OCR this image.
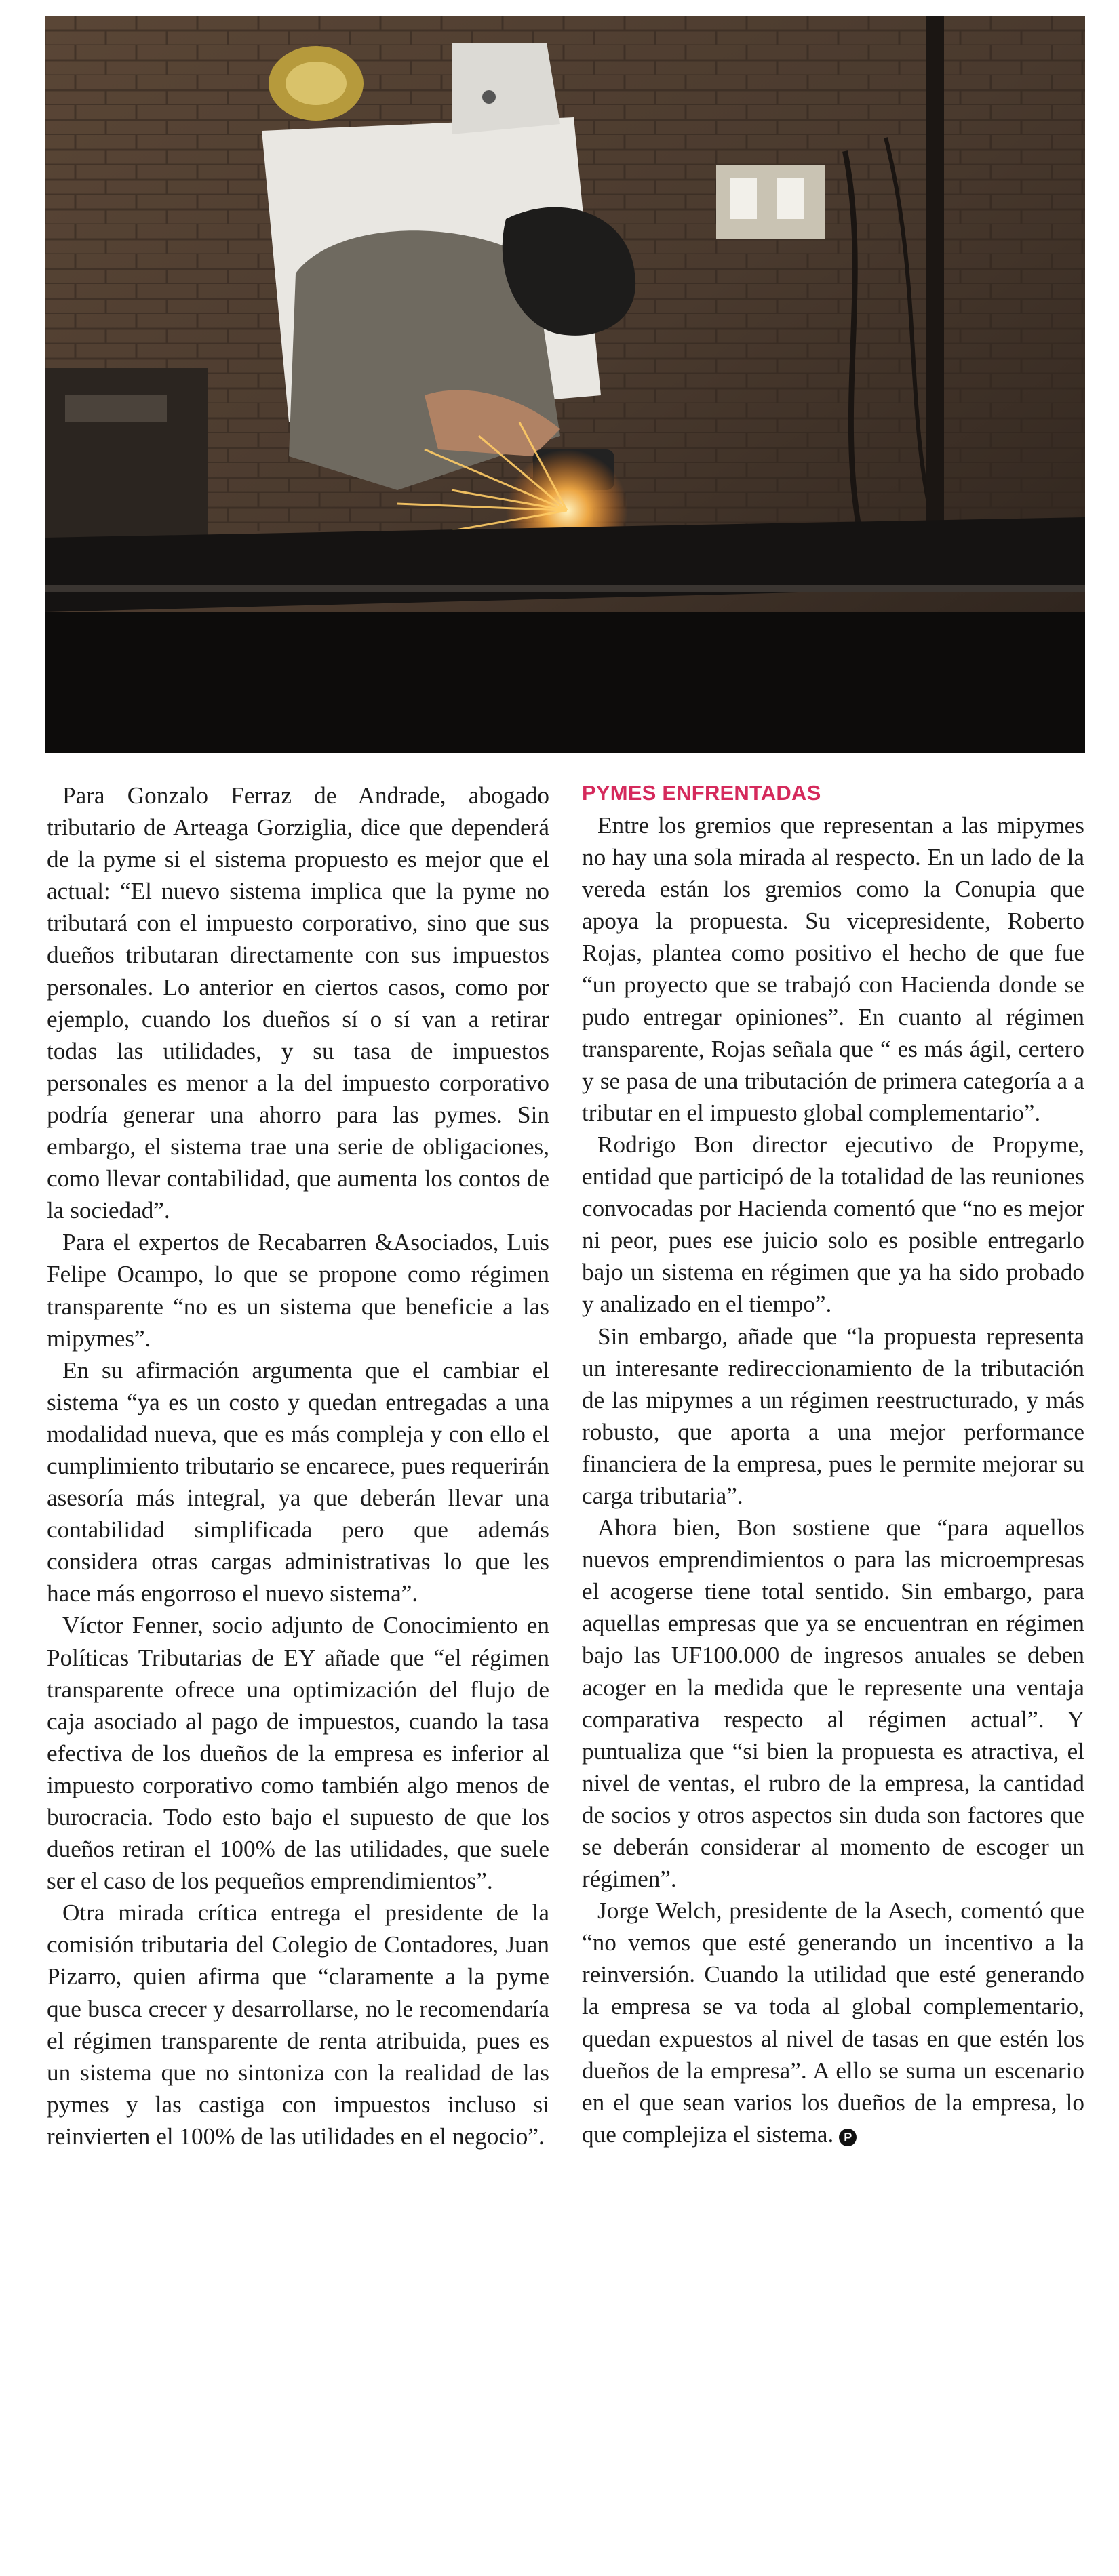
Para Gonzalo Ferraz de Andrade, abogado tributario de Arteaga Gorziglia, dice que dependerá de la pyme si el sistema propuesto es mejor que el actual: “El nuevo sistema implica que la pyme no tributará con el impuesto corporativo, sino que sus dueños tributaran directamente con sus impuestos personales. Lo anterior en ciertos casos, como por ejemplo, cuando los dueños sí o sí van a retirar todas las utilidades, y su tasa de impuestos personales es menor a la del impuesto corporativo podría generar una ahorro para las pymes. Sin embargo, el sistema trae una serie de obligaciones, como llevar contabilidad, que aumenta los contos de la sociedad”.

Para el expertos de Recabarren &Asociados, Luis Felipe Ocampo, lo que se propone como régimen transparente “no es un sistema que beneficie a las mipymes”.

En su afirmación argumenta que el cambiar el sistema “ya es un costo y quedan entregadas a una modalidad nueva, que es más compleja y con ello el cumplimiento tributario se encarece, pues requerirán asesoría más integral, ya que deberán llevar una contabilidad simplificada pero que además considera otras cargas administrativas lo que les hace más engorroso el nuevo sistema”.

Víctor Fenner, socio adjunto de Conocimiento en Políticas Tributarias de EY añade que “el régimen transparente ofrece una optimización del flujo de caja asociado al pago de impuestos, cuando la tasa efectiva de los dueños de la empresa es inferior al impuesto corporativo como también algo menos de burocracia. Todo esto bajo el supuesto de que los dueños retiran el 100% de las utilidades, que suele ser el caso de los pequeños emprendimientos”.

Otra mirada crítica entrega el presidente de la comisión tributaria del Colegio de Contadores, Juan Pizarro, quien afirma que “claramente a la pyme que busca crecer y desarrollarse, no le recomendaría el régimen transparente de renta atribuida, pues es un sistema que no sintoniza con la realidad de las pymes y las castiga con impuestos incluso si reinvierten el 100% de las utilidades en el negocio”.

PYMES ENFRENTADAS

Entre los gremios que representan a las mipymes no hay una sola mirada al respecto. En un lado de la vereda están los gremios como la Conupia que apoya la propuesta. Su vicepresidente, Roberto Rojas, plantea como positivo el hecho de que fue “un proyecto que se trabajó con Hacienda donde se pudo entregar opiniones”. En cuanto al régimen transparente, Rojas señala que “ es más ágil, certero y se pasa de una tributación de primera categoría a a tributar en el impuesto global complementario”.

Rodrigo Bon director ejecutivo de Propyme, entidad que participó de la totalidad de las reuniones convocadas por Hacienda comentó que “no es mejor ni peor, pues ese juicio solo es posible entregarlo bajo un sistema en régimen que ya ha sido probado y analizado en el tiempo”.

Sin embargo, añade que “la propuesta representa un interesante redireccionamiento de la tributación de las mipymes a un régimen reestructurado, y más robusto, que aporta a una mejor performance financiera de la empresa, pues le permite mejorar su carga tributaria”.

Ahora bien, Bon sostiene que “para aquellos nuevos emprendimientos o para las microempresas el acogerse tiene total sentido. Sin embargo, para aquellas empresas que ya se encuentran en régimen bajo las UF100.000 de ingresos anuales se deben acoger en la medida que le represente una ventaja comparativa respecto al régimen actual”. Y puntualiza que “si bien la propuesta es atractiva, el nivel de ventas, el rubro de la empresa, la cantidad de socios y otros aspectos sin duda son factores que se deberán considerar al momento de escoger un régimen”.

Jorge Welch, presidente de la Asech, comentó que “no vemos que esté generando un incentivo a la reinversión. Cuando la utilidad que esté generando la empresa se va toda al global complementario, quedan expuestos al nivel de tasas en que estén los dueños de la empresa”. A ello se suma un escenario en el que sean varios los dueños de la empresa, lo que complejiza el sistema. P
